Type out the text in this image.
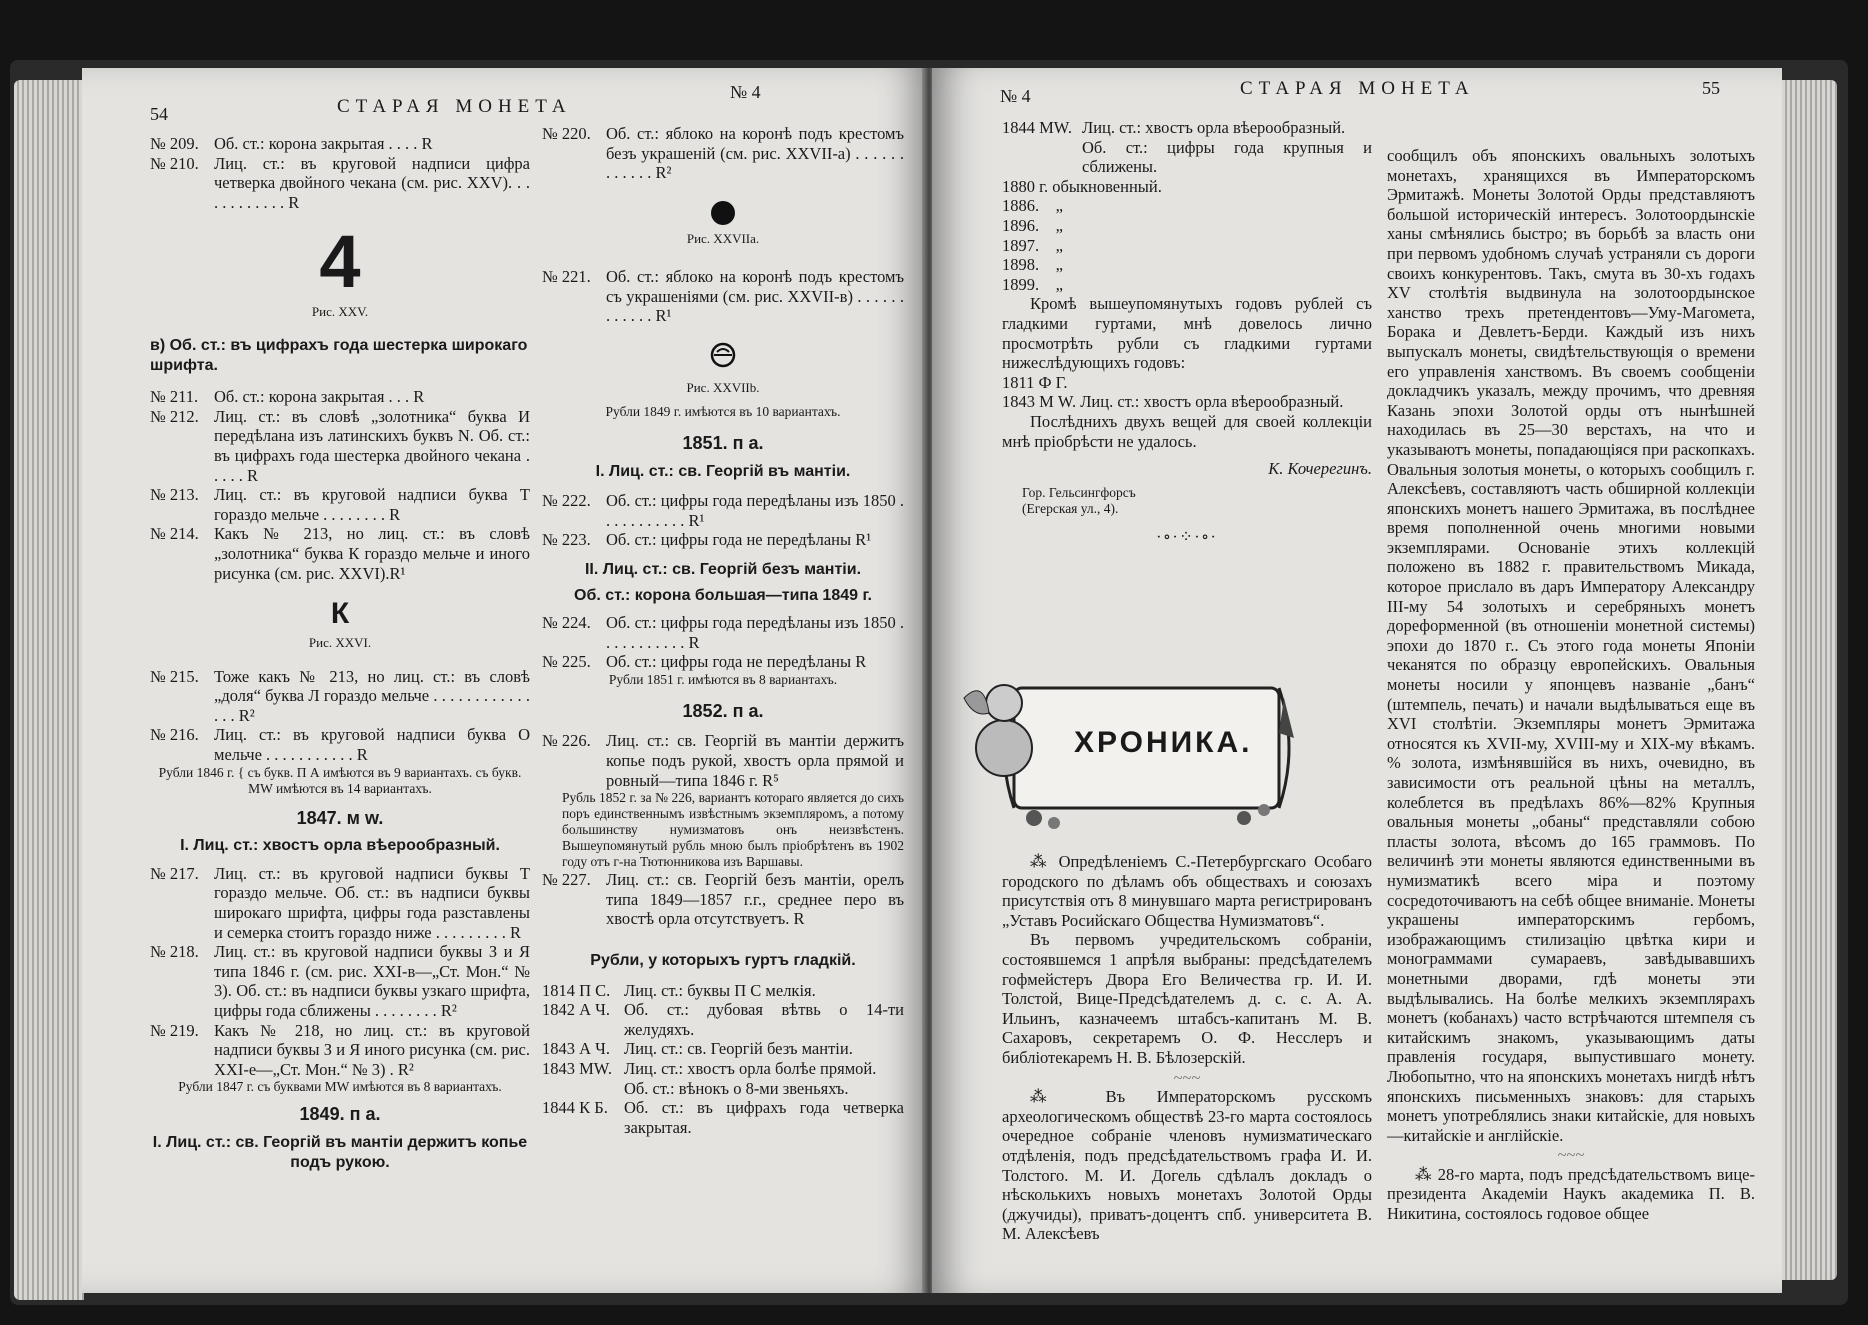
54	СТАРАЯ МОНЕТА
№ 4
№ 209. Об. ст.: корона закрытая . . . . R
№ 210. Лиц. ст.: въ круговой надписи цифра четверка двойного чекана (см. рис. XXV). . . . . . . . . . . . R
4
Рис. XXV.
в) Об. ст.: въ цифрахъ года шестерка широкаго шрифта.
№ 211. Об. ст.: корона закрытая . . . R
№ 212. Лиц. ст.: въ словѣ „золотника“ буква И передѣлана изъ латинскихъ буквъ N. Об. ст.: въ цифрахъ года шестерка двойного чекана . . . . . R
№ 213. Лиц. ст.: въ круговой надписи буква Т гораздо мельче . . . . . . . . R
№ 214. Какъ № 213, но лиц. ст.: въ словѣ „золотника“ буква К гораздо мельче и иного рисунка (см. рис. XXVI).R¹
К
Рис. XXVI.
№ 215. Тоже какъ № 213, но лиц. ст.: въ словѣ „доля“ буква Л гораздо мельче . . . . . . . . . . . . . . . R²
№ 216. Лиц. ст.: въ круговой надписи буква О мельче . . . . . . . . . . . R
Рубли 1846 г. { съ букв. П А имѣются въ 9 вариантахъ. съ букв. MW имѣются въ 14 вариантахъ.
1847. м w.
I. Лиц. ст.: хвостъ орла вѣерообразный.
№ 217. Лиц. ст.: въ круговой надписи буквы Т гораздо мельче. Об. ст.: въ надписи буквы широкаго шрифта, цифры года разставлены и семерка стоитъ гораздо ниже . . . . . . . . . R
№ 218. Лиц. ст.: въ круговой надписи буквы З и Я типа 1846 г. (см. рис. XXI-в—„Ст. Мон.“ № 3). Об. ст.: въ надписи буквы узкаго шрифта, цифры года сближены . . . . . . . . R²
№ 219. Какъ № 218, но лиц. ст.: въ круговой надписи буквы З и Я иного рисунка (см. рис. XXI-е—„Ст. Мон.“ № 3) . R²
Рубли 1847 г. съ буквами MW имѣются въ 8 вариантахъ.
1849. п а.
I. Лиц. ст.: св. Георгій въ мантіи держитъ копье подъ рукою.
№ 220. Об. ст.: яблоко на коронѣ подъ крестомъ безъ украшеній (см. рис. XXVII-а) . . . . . . . . . . . . R²
Рис. XXVIIа.
№ 221. Об. ст.: яблоко на коронѣ подъ крестомъ съ украшеніями (см. рис. XXVII-в) . . . . . . . . . . . . R¹
Рис. XXVIIb.
Рубли 1849 г. имѣются въ 10 вариантахъ.
1851. п а.
I. Лиц. ст.: св. Георгій въ мантіи.
№ 222. Об. ст.: цифры года передѣланы изъ 1850 . . . . . . . . . . . R¹
№ 223. Об. ст.: цифры года не передѣланы R¹
II. Лиц. ст.: св. Георгій безъ мантіи.
Об. ст.: корона большая—типа 1849 г.
№ 224. Об. ст.: цифры года передѣланы изъ 1850 . . . . . . . . . . . R
№ 225. Об. ст.: цифры года не передѣланы R
Рубли 1851 г. имѣются въ 8 вариантахъ.
1852. п а.
№ 226. Лиц. ст.: св. Георгій въ мантіи держитъ копье подъ рукой, хвостъ орла прямой и ровный—типа 1846 г. R⁵
Рубль 1852 г. за № 226, вариантъ котораго является до сихъ поръ единственнымъ извѣстнымъ экземпляромъ, а потому большинству нумизматовъ онъ неизвѣстенъ. Вышеупомянутый рубль мною былъ пріобрѣтенъ въ 1902 году отъ г-на Тютюнникова изъ Варшавы.
№ 227. Лиц. ст.: св. Георгій безъ мантіи, орелъ типа 1849—1857 г.г., среднее перо въ хвостѣ орла отсутствуетъ. R
Рубли, у которыхъ гуртъ гладкій.
1814 П С. Лиц. ст.: буквы П С мелкія.
1842 А Ч. Об. ст.: дубовая вѣтвь о 14-ти желудяхъ.
1843 А Ч. Лиц. ст.: св. Георгій безъ мантіи.
1843 MW. Лиц. ст.: хвостъ орла болѣе прямой.
Об. ст.: вѣнокъ о 8-ми звеньяхъ.
1844 К Б. Об. ст.: въ цифрахъ года четверка закрытая.
№ 4	СТАРАЯ МОНЕТА	55
1844 MW. Лиц. ст.: хвостъ орла вѣерообразный.
Об. ст.: цифры года крупныя и сближены.
1880 г. обыкновенный.
1886.    „
1896.    „
1897.    „
1898.    „
1899.    „

Кромѣ вышеупомянутыхъ годовъ рублей съ гладкими гуртами, мнѣ довелось лично просмотрѣть рубли съ гладкими гуртами нижеслѣдующихъ годовъ:

1811 Ф Г.
1843 М W. Лиц. ст.: хвостъ орла вѣерообразный.

Послѣднихъ двухъ вещей для своей коллекціи мнѣ пріобрѣсти не удалось.

К. Кочерегинъ.
Гор. Гельсингфорсъ (Егерская ул., 4).
∙∘∙⁘∙∘∙
ХРОНИКА.

⁂ Опредѣленіемъ С.-Петербургскаго Особаго городского по дѣламъ объ обществахъ и союзахъ присутствія отъ 8 минувшаго марта регистрированъ „Уставъ Росийскаго Общества Нумизматовъ“.

Въ первомъ учредительскомъ собраніи, состоявшемся 1 апрѣля выбраны: предсѣдателемъ гофмейстеръ Двора Его Величества гр. И. И. Толстой, Вице-Предсѣдателемъ д. с. с. А. А. Ильинъ, казначеемъ штабсъ-капитанъ М. В. Сахаровъ, секретаремъ О. Ф. Несслеръ и библіотекаремъ Н. В. Бѣлозерскій.

~~~

⁂ Въ Императорскомъ русскомъ археологическомъ обществѣ 23-го марта состоялось очередное собраніе членовъ нумизматическаго отдѣленія, подъ предсѣдательствомъ графа И. И. Толстого. М. И. Догель сдѣлалъ докладъ о нѣсколькихъ новыхъ монетахъ Золотой Орды (джучиды), приватъ-доцентъ спб. университета В. М. Алексѣевъ

сообщилъ объ японскихъ овальныхъ золотыхъ монетахъ, хранящихся въ Императорскомъ Эрмитажѣ. Монеты Золотой Орды представляютъ большой историческій интересъ. Золотоордынскіе ханы смѣнялись быстро; въ борьбѣ за власть они при первомъ удобномъ случаѣ устраняли съ дороги своихъ конкурентовъ. Такъ, смута въ 30-хъ годахъ XV столѣтія выдвинула на золотоордынское ханство трехъ претендентовъ—Уму-Магомета, Борака и Девлетъ-Берди. Каждый изъ нихъ выпускалъ монеты, свидѣтельствующія о времени его управленія ханствомъ. Въ своемъ сообщеніи докладчикъ указалъ, между прочимъ, что древняя Казань эпохи Золотой орды отъ нынѣшней находилась въ 25—30 верстахъ, на что и указываютъ монеты, попадающіяся при раскопкахъ. Овальныя золотыя монеты, о которыхъ сообщилъ г. Алексѣевъ, составляютъ часть обширной коллекціи японскихъ монетъ нашего Эрмитажа, въ послѣднее время пополненной очень многими новыми экземплярами. Основаніе этихъ коллекцій положено въ 1882 г. правительствомъ Микада, которое прислало въ даръ Императору Александру III-му 54 золотыхъ и серебряныхъ монетъ дореформенной (въ отношеніи монетной системы) эпохи до 1870 г.. Съ этого года монеты Японіи чеканятся по образцу европейскихъ. Овальныя монеты носили у японцевъ названіе „банъ“ (штемпель, печать) и начали выдѣлываться еще въ XVI столѣтіи. Экземпляры монетъ Эрмитажа относятся къ XVII-му, XVIII-му и XIX-му вѣкамъ. % золота, измѣнявшійся въ нихъ, очевидно, въ зависимости отъ реальной цѣны на металлъ, колеблется въ предѣлахъ 86%—82% Крупныя овальныя монеты „обаны“ представляли собою пласты золота, вѣсомъ до 165 граммовъ. По величинѣ эти монеты являются единственными въ нумизматикѣ всего міра и поэтому сосредоточиваютъ на себѣ общее вниманіе. Монеты украшены императорскимъ гербомъ, изображающимъ стилизацію цвѣтка кири и монограммами сумараевъ, завѣдывавшихъ монетными дворами, гдѣ монеты эти выдѣлывались. На болѣе мелкихъ экземплярахъ монетъ (кобанахъ) часто встрѣчаются штемпеля съ китайскимъ знакомъ, указывающимъ даты правленія государя, выпустившаго монету. Любопытно, что на японскихъ монетахъ нигдѣ нѣтъ японскихъ письменныхъ знаковъ: для старыхъ монетъ употреблялись знаки китайскіе, для новыхъ—китайскіе и англійскіе.

~~~

⁂ 28-го марта, подъ предсѣдательствомъ вице-президента Академіи Наукъ академика П. В. Никитина, состоялось годовое общее
